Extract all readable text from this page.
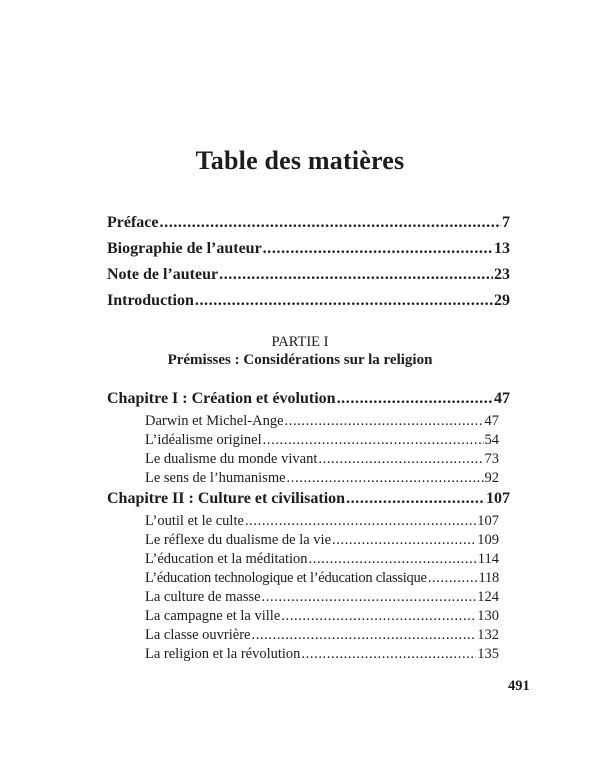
Table des matières
Préface .....	7
Biographie de l’auteur .....	13
Note de l’auteur .....	23
Introduction .....	29
PARTIE I
Prémisses : Considérations sur la religion
Chapitre I : Création et évolution .....	47
Darwin et Michel-Ange .....	47
L’idéalisme originel .....	54
Le dualisme du monde vivant .....	73
Le sens de l’humanisme .....	92
Chapitre II : Culture et civilisation .....	107
L’outil et le culte .....	107
Le réflexe du dualisme de la vie .....	109
L’éducation et la méditation .....	114
L’éducation technologique et l’éducation classique .....	118
La culture de masse .....	124
La campagne et la ville .....	130
La classe ouvrière .....	132
La religion et la révolution .....	135
491
